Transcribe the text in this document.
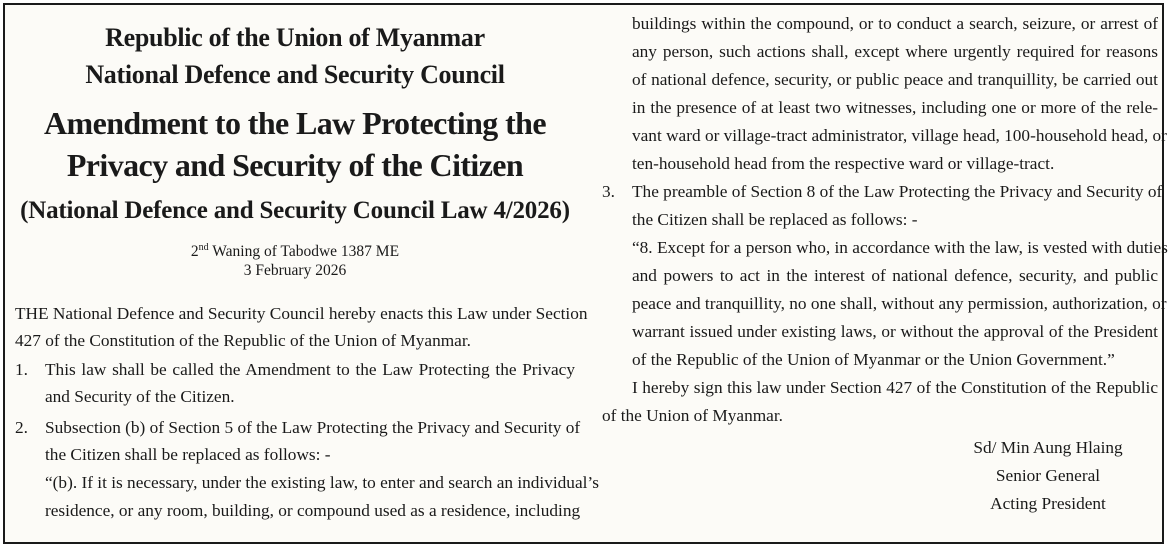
Republic of the Union of Myanmar
National Defence and Security Council
Amendment to the Law Protecting the
Privacy and Security of the Citizen
(National Defence and Security Council Law 4/2026)
2nd Waning of Tabodwe 1387 ME
3 February 2026
THE National Defence and Security Council hereby enacts this Law under Section
427 of the Constitution of the Republic of the Union of Myanmar.
1. This law shall be called the Amendment to the Law Protecting the Privacy
and Security of the Citizen.
2. Subsection (b) of Section 5 of the Law Protecting the Privacy and Security of
the Citizen shall be replaced as follows: -
“(b). If it is necessary, under the existing law, to enter and search an individual’s
residence, or any room, building, or compound used as a residence, including
buildings within the compound, or to conduct a search, seizure, or arrest of
any person, such actions shall, except where urgently required for reasons
of national defence, security, or public peace and tranquillity, be carried out
in the presence of at least two witnesses, including one or more of the rele-
vant ward or village-tract administrator, village head, 100-household head, or
ten-household head from the respective ward or village-tract.
3. The preamble of Section 8 of the Law Protecting the Privacy and Security of
the Citizen shall be replaced as follows: -
“8. Except for a person who, in accordance with the law, is vested with duties
and powers to act in the interest of national defence, security, and public
peace and tranquillity, no one shall, without any permission, authorization, or
warrant issued under existing laws, or without the approval of the President
of the Republic of the Union of Myanmar or the Union Government.”
I hereby sign this law under Section 427 of the Constitution of the Republic
of the Union of Myanmar.
Sd/ Min Aung Hlaing
Senior General
Acting President
